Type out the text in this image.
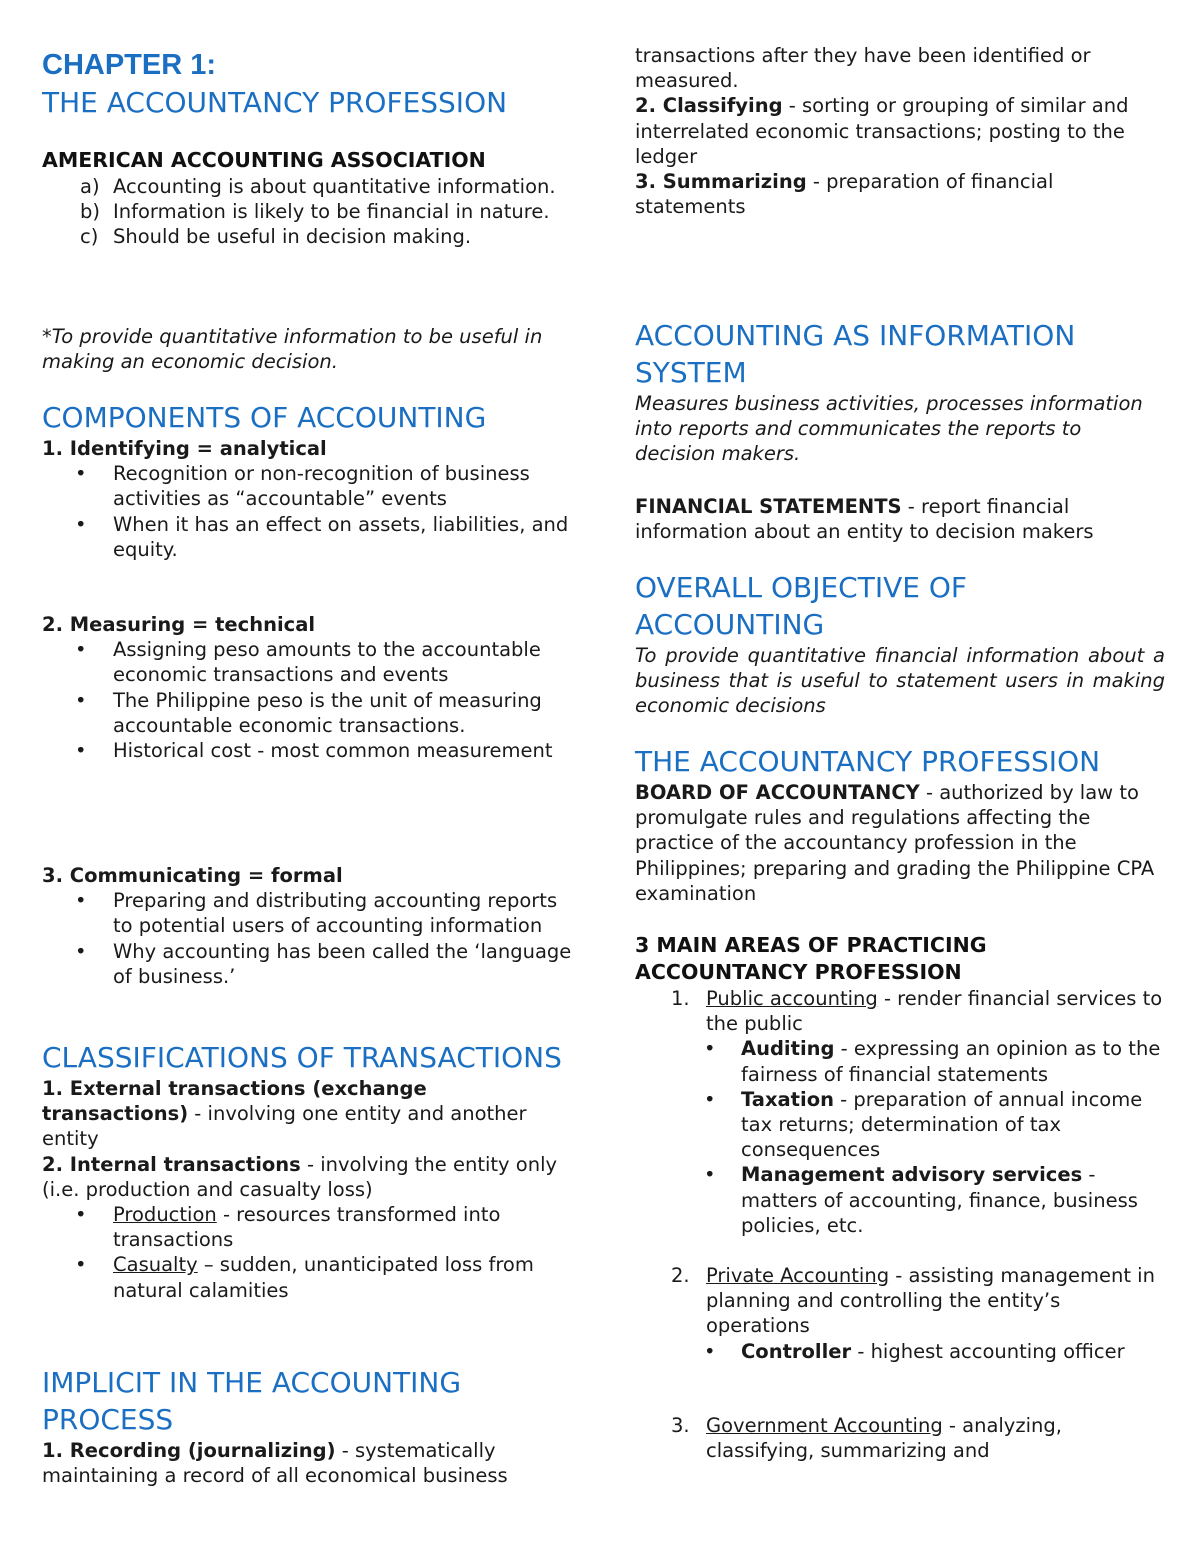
CHAPTER 1:
THE ACCOUNTANCY PROFESSION
AMERICAN ACCOUNTING ASSOCIATION
a) Accounting is about quantitative information.
b) Information is likely to be financial in nature.
c) Should be useful in decision making.

*To provide quantitative information to be useful in making an economic decision.

COMPONENTS OF ACCOUNTING

1. Identifying = analytical

• Recognition or non-recognition of business activities as “accountable” events
• When it has an effect on assets, liabilities, and equity.

2. Measuring = technical

• Assigning peso amounts to the accountable economic transactions and events
• The Philippine peso is the unit of measuring accountable economic transactions.
• Historical cost - most common measurement

3. Communicating = formal

• Preparing and distributing accounting reports to potential users of accounting information
• Why accounting has been called the ‘language of business.’
CLASSIFICATIONS OF TRANSACTIONS

1. External transactions (exchange transactions) - involving one entity and another entity

2. Internal transactions - involving the entity only (i.e. production and casualty loss)

• Production - resources transformed into transactions
• Casualty – sudden, unanticipated loss from natural calamities
IMPLICIT IN THE ACCOUNTING PROCESS

1. Recording (journalizing) - systematically maintaining a record of all economical business

transactions after they have been identified or measured.

2. Classifying - sorting or grouping of similar and interrelated economic transactions; posting to the ledger

3. Summarizing - preparation of financial statements

ACCOUNTING AS INFORMATION SYSTEM

Measures business activities, processes information into reports and communicates the reports to decision makers.

FINANCIAL STATEMENTS - report financial information about an entity to decision makers

OVERALL OBJECTIVE OF ACCOUNTING

To provide quantitative financial information about a business that is useful to statement users in making economic decisions

THE ACCOUNTANCY PROFESSION

BOARD OF ACCOUNTANCY - authorized by law to promulgate rules and regulations affecting the practice of the accountancy profession in the Philippines; preparing and grading the Philippine CPA examination

3 MAIN AREAS OF PRACTICING ACCOUNTANCY PROFESSION
1. Public accounting - render financial services to the public
• Auditing - expressing an opinion as to the fairness of financial statements
• Taxation - preparation of annual income tax returns; determination of tax consequences
• Management advisory services - matters of accounting, finance, business policies, etc.
2. Private Accounting - assisting management in planning and controlling the entity’s operations
• Controller - highest accounting officer
3. Government Accounting - analyzing, classifying, summarizing and
